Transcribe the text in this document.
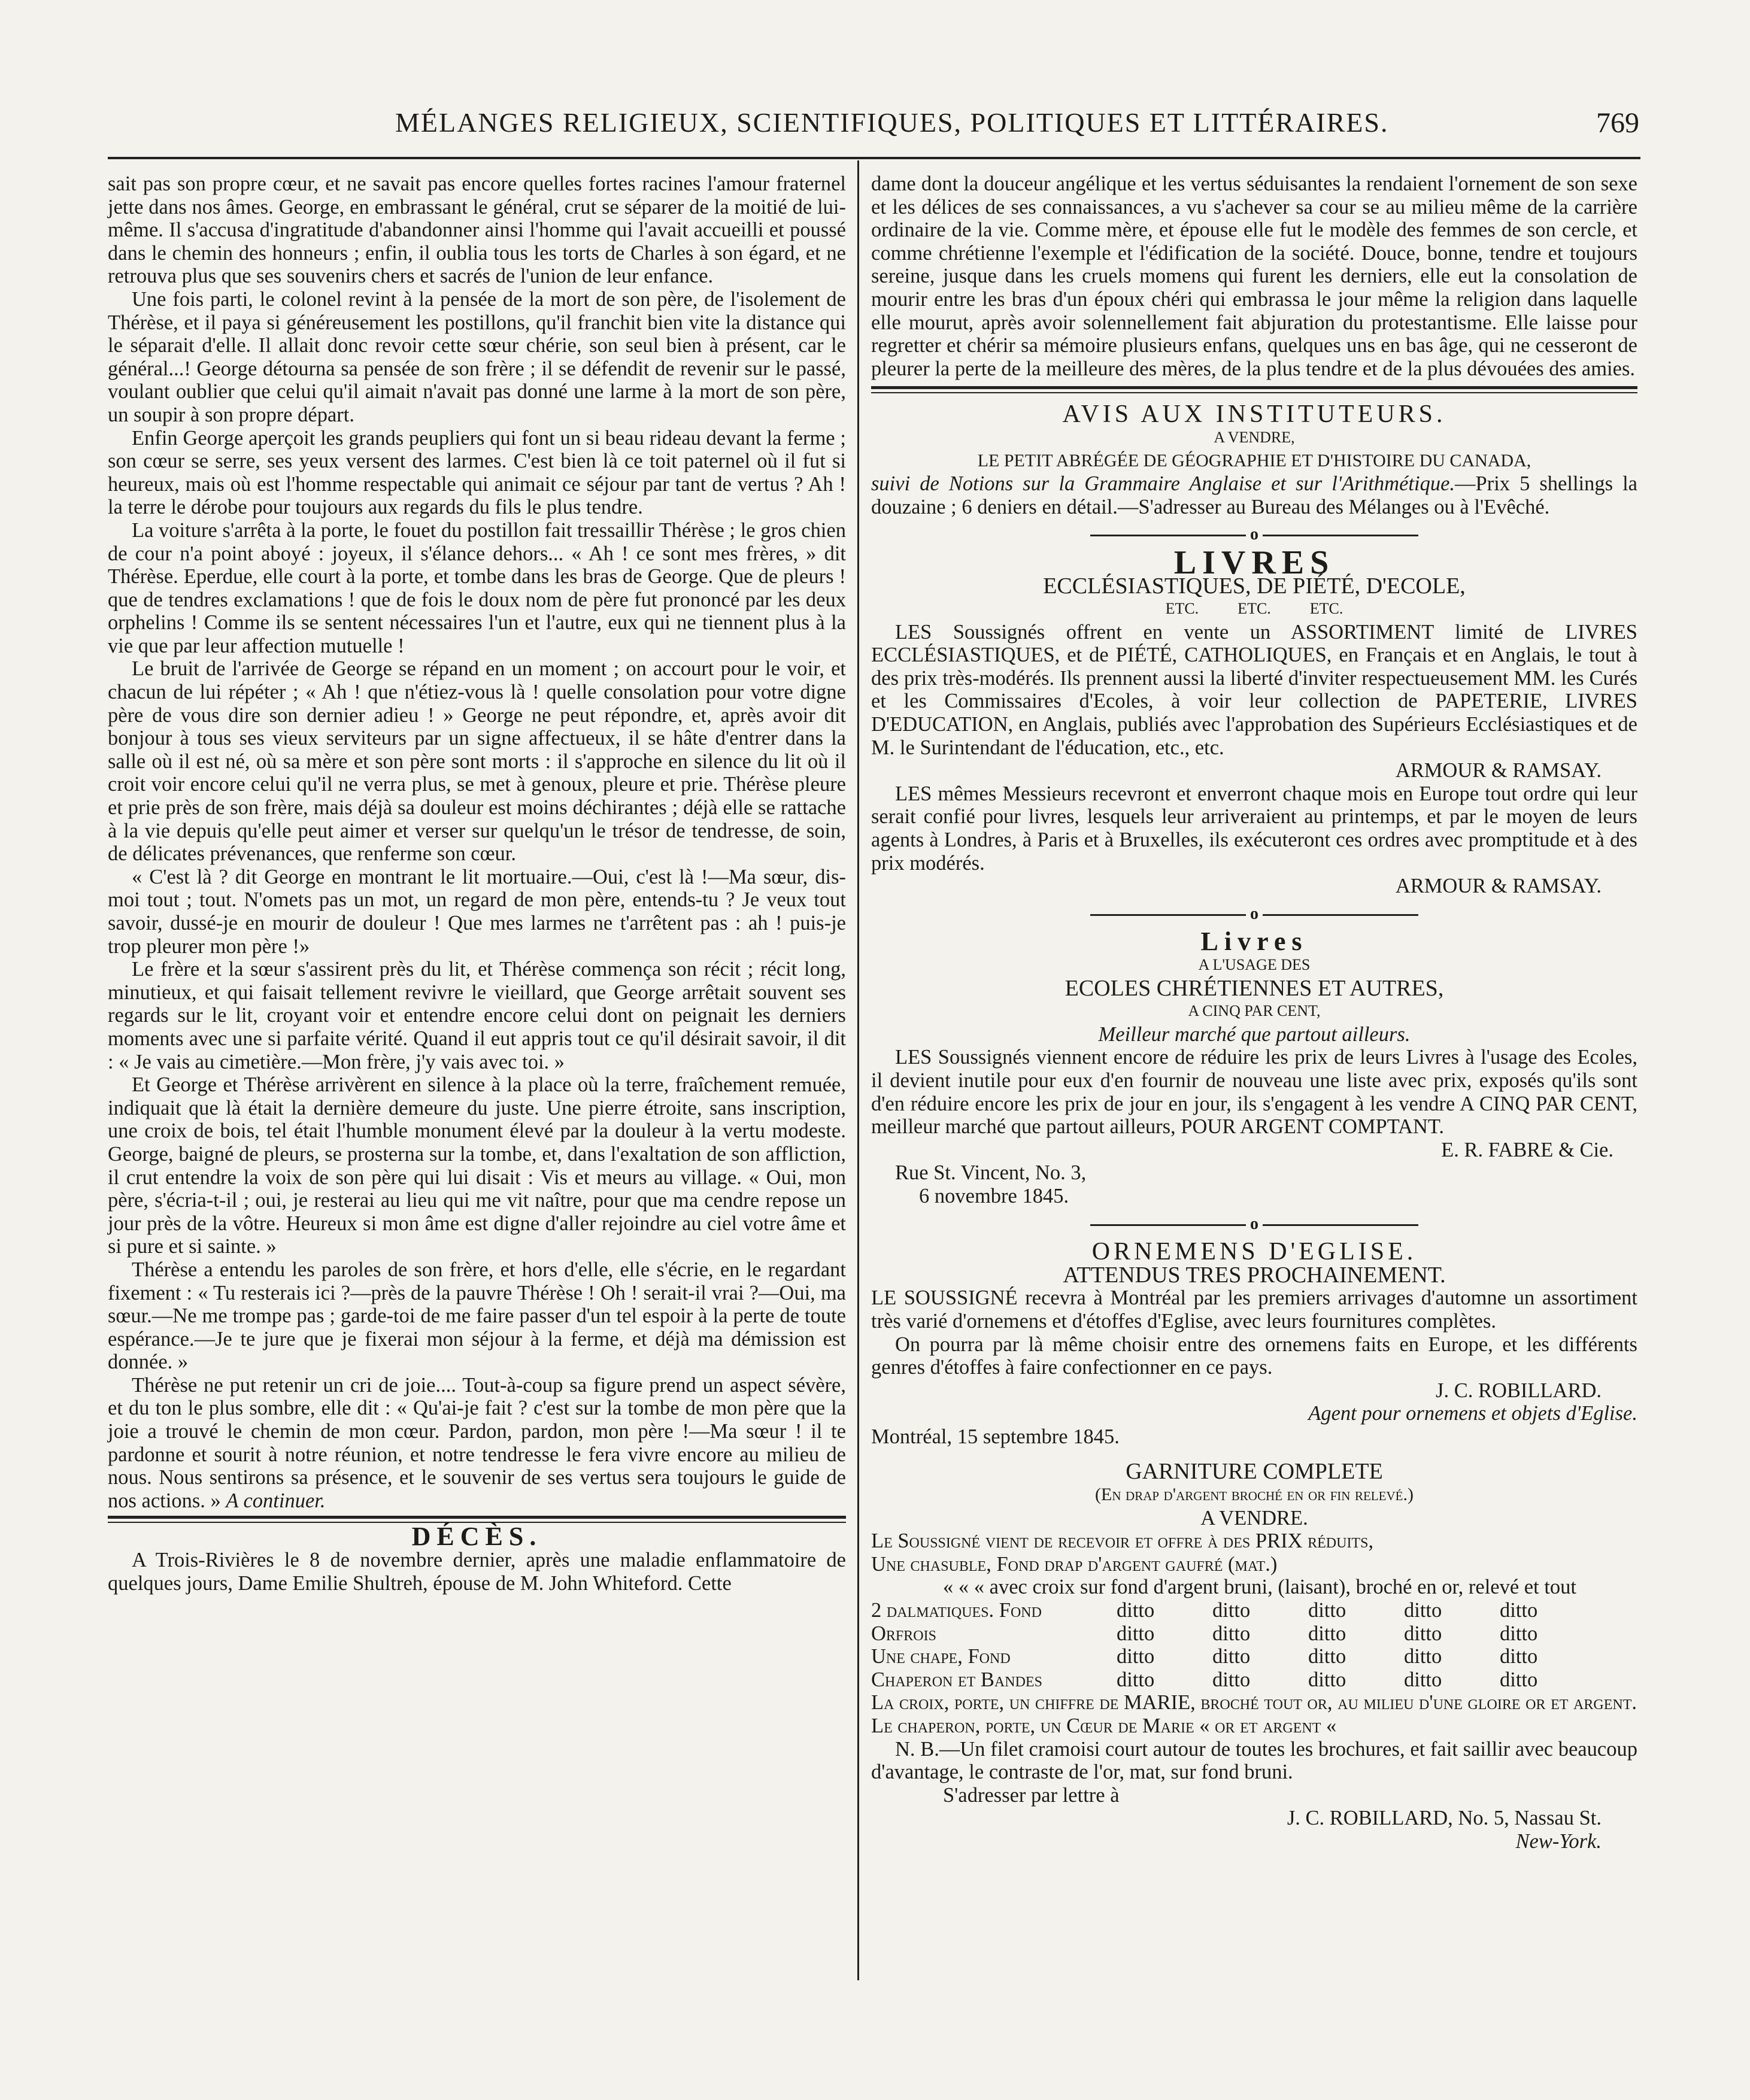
MÉLANGES RELIGIEUX, SCIENTIFIQUES, POLITIQUES ET LITTÉRAIRES.	769

sait pas son propre cœur, et ne savait pas encore quelles fortes racines l'amour fraternel jette dans nos âmes. George, en embrassant le général, crut se séparer de la moitié de lui-même. Il s'accusa d'ingratitude d'abandonner ainsi l'homme qui l'avait accueilli et poussé dans le chemin des honneurs ; enfin, il oublia tous les torts de Charles à son égard, et ne retrouva plus que ses souvenirs chers et sacrés de l'union de leur enfance.

Une fois parti, le colonel revint à la pensée de la mort de son père, de l'isolement de Thérèse, et il paya si généreusement les postillons, qu'il franchit bien vite la distance qui le séparait d'elle. Il allait donc revoir cette sœur chérie, son seul bien à présent, car le général...! George détourna sa pensée de son frère ; il se défendit de revenir sur le passé, voulant oublier que celui qu'il aimait n'avait pas donné une larme à la mort de son père, un soupir à son propre départ.

Enfin George aperçoit les grands peupliers qui font un si beau rideau devant la ferme ; son cœur se serre, ses yeux versent des larmes. C'est bien là ce toit paternel où il fut si heureux, mais où est l'homme respectable qui animait ce séjour par tant de vertus ? Ah ! la terre le dérobe pour toujours aux regards du fils le plus tendre.

La voiture s'arrêta à la porte, le fouet du postillon fait tressaillir Thérèse ; le gros chien de cour n'a point aboyé : joyeux, il s'élance dehors... « Ah ! ce sont mes frères, » dit Thérèse. Eperdue, elle court à la porte, et tombe dans les bras de George. Que de pleurs ! que de tendres exclamations ! que de fois le doux nom de père fut prononcé par les deux orphelins ! Comme ils se sentent nécessaires l'un et l'autre, eux qui ne tiennent plus à la vie que par leur affection mutuelle !

Le bruit de l'arrivée de George se répand en un moment ; on accourt pour le voir, et chacun de lui répéter ; « Ah ! que n'étiez-vous là ! quelle consolation pour votre digne père de vous dire son dernier adieu ! » George ne peut répondre, et, après avoir dit bonjour à tous ses vieux serviteurs par un signe affectueux, il se hâte d'entrer dans la salle où il est né, où sa mère et son père sont morts : il s'approche en silence du lit où il croit voir encore celui qu'il ne verra plus, se met à genoux, pleure et prie. Thérèse pleure et prie près de son frère, mais déjà sa douleur est moins déchirantes ; déjà elle se rattache à la vie depuis qu'elle peut aimer et verser sur quelqu'un le trésor de tendresse, de soin, de délicates prévenances, que renferme son cœur.

« C'est là ? dit George en montrant le lit mortuaire.—Oui, c'est là !—Ma sœur, dis-moi tout ; tout. N'omets pas un mot, un regard de mon père, entends-tu ? Je veux tout savoir, dussé-je en mourir de douleur ! Que mes larmes ne t'arrêtent pas : ah ! puis-je trop pleurer mon père !»

Le frère et la sœur s'assirent près du lit, et Thérèse commença son récit ; récit long, minutieux, et qui faisait tellement revivre le vieillard, que George arrêtait souvent ses regards sur le lit, croyant voir et entendre encore celui dont on peignait les derniers moments avec une si parfaite vérité. Quand il eut appris tout ce qu'il désirait savoir, il dit : « Je vais au cimetière.—Mon frère, j'y vais avec toi. »

Et George et Thérèse arrivèrent en silence à la place où la terre, fraîchement remuée, indiquait que là était la dernière demeure du juste. Une pierre étroite, sans inscription, une croix de bois, tel était l'humble monument élevé par la douleur à la vertu modeste. George, baigné de pleurs, se prosterna sur la tombe, et, dans l'exaltation de son affliction, il crut entendre la voix de son père qui lui disait : Vis et meurs au village. « Oui, mon père, s'écria-t-il ; oui, je resterai au lieu qui me vit naître, pour que ma cendre repose un jour près de la vôtre. Heureux si mon âme est digne d'aller rejoindre au ciel votre âme et si pure et si sainte. »

Thérèse a entendu les paroles de son frère, et hors d'elle, elle s'écrie, en le regardant fixement : « Tu resterais ici ?—près de la pauvre Thérèse ! Oh ! serait-il vrai ?—Oui, ma sœur.—Ne me trompe pas ; garde-toi de me faire passer d'un tel espoir à la perte de toute espérance.—Je te jure que je fixerai mon séjour à la ferme, et déjà ma démission est donnée. »

Thérèse ne put retenir un cri de joie.... Tout-à-coup sa figure prend un aspect sévère, et du ton le plus sombre, elle dit : « Qu'ai-je fait ? c'est sur la tombe de mon père que la joie a trouvé le chemin de mon cœur. Pardon, pardon, mon père !—Ma sœur ! il te pardonne et sourit à notre réunion, et notre tendresse le fera vivre encore au milieu de nous. Nous sentirons sa présence, et le souvenir de ses vertus sera toujours le guide de nos actions. » A continuer.

DÉCÈS.

A Trois-Rivières le 8 de novembre dernier, après une maladie enflammatoire de quelques jours, Dame Emilie Shultreh, épouse de M. John Whiteford. Cette

dame dont la douceur angélique et les vertus séduisantes la rendaient l'ornement de son sexe et les délices de ses connaissances, a vu s'achever sa cour se au milieu même de la carrière ordinaire de la vie. Comme mère, et épouse elle fut le modèle des femmes de son cercle, et comme chrétienne l'exemple et l'édification de la société. Douce, bonne, tendre et toujours sereine, jusque dans les cruels momens qui furent les derniers, elle eut la consolation de mourir entre les bras d'un époux chéri qui embrassa le jour même la religion dans laquelle elle mourut, après avoir solennellement fait abjuration du protestantisme. Elle laisse pour regretter et chérir sa mémoire plusieurs enfans, quelques uns en bas âge, qui ne cesseront de pleurer la perte de la meilleure des mères, de la plus tendre et de la plus dévouées des amies.

AVIS AUX INSTITUTEURS.
A VENDRE,

LE PETIT ABRÉGÉE DE GÉOGRAPHIE ET D'HISTOIRE DU CANADA,

suivi de Notions sur la Grammaire Anglaise et sur l'Arithmétique.—Prix 5 shellings la douzaine ; 6 deniers en détail.—S'adresser au Bureau des Mélanges ou à l'Evêché.

o
LIVRES
ECCLÉSIASTIQUES, DE PIÉTÉ, D'ECOLE,
ETC.          ETC.          ETC.

LES Soussignés offrent en vente un ASSORTIMENT limité de LIVRES ECCLÉSIASTIQUES, et de PIÉTÉ, CATHOLIQUES, en Français et en Anglais, le tout à des prix très-modérés. Ils prennent aussi la liberté d'inviter respectueusement MM. les Curés et les Commissaires d'Ecoles, à voir leur collection de PAPETERIE, LIVRES D'EDUCATION, en Anglais, publiés avec l'approbation des Supérieurs Ecclésiastiques et de M. le Surintendant de l'éducation, etc., etc.

ARMOUR & RAMSAY.

LES mêmes Messieurs recevront et enverront chaque mois en Europe tout ordre qui leur serait confié pour livres, lesquels leur arriveraient au printemps, et par le moyen de leurs agents à Londres, à Paris et à Bruxelles, ils exécuteront ces ordres avec promptitude et à des prix modérés.

ARMOUR & RAMSAY.
o
Livres
A L'USAGE DES
ECOLES CHRÉTIENNES ET AUTRES,
A CINQ PAR CENT,
Meilleur marché que partout ailleurs.

LES Soussignés viennent encore de réduire les prix de leurs Livres à l'usage des Ecoles, il devient inutile pour eux d'en fournir de nouveau une liste avec prix, exposés qu'ils sont d'en réduire encore les prix de jour en jour, ils s'engagent à les vendre A CINQ PAR CENT, meilleur marché que partout ailleurs, POUR ARGENT COMPTANT.

E. R. FABRE & Cie.
Rue St. Vincent, No. 3,
6 novembre 1845.
o
ORNEMENS D'EGLISE.
ATTENDUS TRES PROCHAINEMENT.

LE SOUSSIGNÉ recevra à Montréal par les premiers arrivages d'automne un assortiment très varié d'ornemens et d'étoffes d'Eglise, avec leurs fournitures complètes.

On pourra par là même choisir entre des ornemens faits en Europe, et les différents genres d'étoffes à faire confectionner en ce pays.

J. C. ROBILLARD.
Agent pour ornemens et objets d'Eglise.
Montréal, 15 septembre 1845.
GARNITURE COMPLETE
(En drap d'argent broché en or fin relevé.)
A VENDRE.
Le Soussigné vient de recevoir et offre à des PRIX réduits,
Une chasuble, Fond drap d'argent gaufré (mat.)
« « « avec croix sur fond d'argent bruni, (laisant), broché en or, relevé et tout
2 dalmatiques. Fond	ditto	ditto	ditto	ditto	ditto
Orfrois	ditto	ditto	ditto	ditto	ditto
Une chape, Fond	ditto	ditto	ditto	ditto	ditto
Chaperon et Bandes	ditto	ditto	ditto	ditto	ditto
La croix, porte, un chiffre de MARIE, broché tout or, au milieu d'une gloire or et argent.
Le chaperon, porte, un Cœur de Marie « or et argent «

N. B.—Un filet cramoisi court autour de toutes les brochures, et fait saillir avec beaucoup d'avantage, le contraste de l'or, mat, sur fond bruni.

S'adresser par lettre à
J. C. ROBILLARD, No. 5, Nassau St.
New-York.
